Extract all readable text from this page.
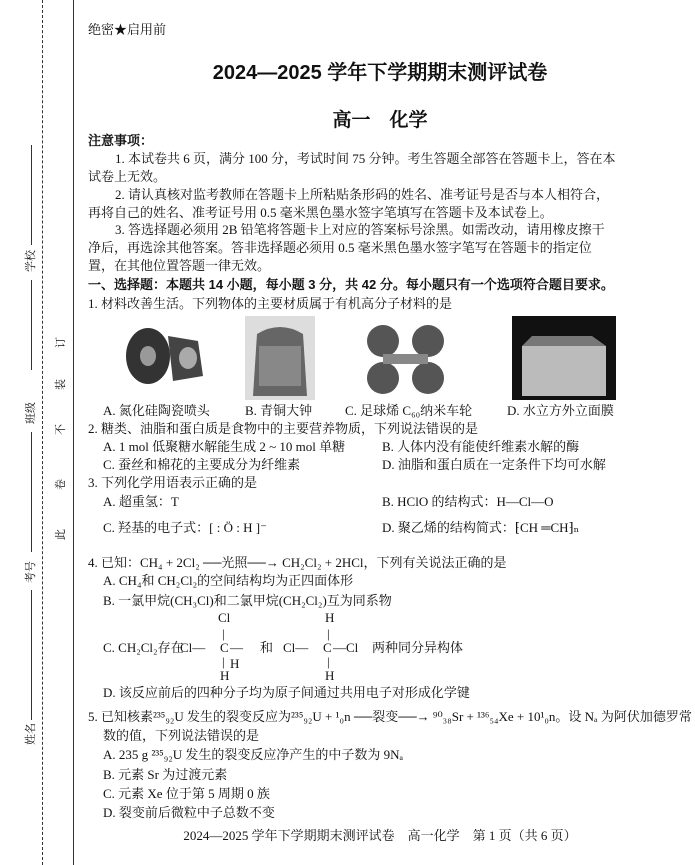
学校
班级
考号
姓名
此
卷
不
装
订
绝密★启用前
2024—2025 学年下学期期末测评试卷
高一　化学
注意事项：
1. 本试卷共 6 页，满分 100 分，考试时间 75 分钟。考生答题全部答在答题卡上，答在本
试卷上无效。
2. 请认真核对监考教师在答题卡上所粘贴条形码的姓名、准考证号是否与本人相符合，
再将自己的姓名、准考证号用 0.5 毫米黑色墨水签字笔填写在答题卡及本试卷上。
3. 答选择题必须用 2B 铅笔将答题卡上对应的答案标号涂黑。如需改动，请用橡皮擦干
净后，再选涂其他答案。答非选择题必须用 0.5 毫米黑色墨水签字笔写在答题卡的指定位
置，在其他位置答题一律无效。
一、选择题：本题共 14 小题，每小题 3 分，共 42 分。每小题只有一个选项符合题目要求。
1. 材料改善生活。下列物体的主要材质属于有机高分子材料的是
A. 氮化硅陶瓷喷头	B. 青铜大钟	C. 足球烯 C₆₀纳米车轮	D. 水立方外立面膜
2. 糖类、油脂和蛋白质是食物中的主要营养物质，下列说法错误的是
A. 1 mol 低聚糖水解能生成 2 ~ 10 mol 单糖	B. 人体内没有能使纤维素水解的酶
C. 蚕丝和棉花的主要成分为纤维素	D. 油脂和蛋白质在一定条件下均可水解
3. 下列化学用语表示正确的是
A. 超重氢：T	B. HClO 的结构式：H—Cl—O
C. 羟基的电子式：[ : Ö : H ]⁻	D. 聚乙烯的结构简式：⁅CH ═CH⁆ₙ
4. 已知：CH₄ + 2Cl₂ ──光照──→ CH₂Cl₂ + 2HCl，下列有关说法正确的是
A. CH₄和 CH₂Cl₂的空间结构均为正四面体形
B. 一氯甲烷(CH₃Cl)和二氯甲烷(CH₂Cl₂)互为同系物
C. CH₂Cl₂存在
Cl
|
Cl— C —H
|
H
和
H
|
Cl— C —Cl
|
H
两种同分异构体
D. 该反应前后的四种分子均为原子间通过共用电子对形成化学键
5. 已知核素²³⁵₉₂U 发生的裂变反应为²³⁵₉₂U + ¹₀n ──裂变──→ ⁹⁰₃₈Sr + ¹³⁶₅₄Xe + 10¹₀n。设 Nₐ 为阿伏加德罗常
数的值，下列说法错误的是
A. 235 g ²³⁵₉₂U 发生的裂变反应净产生的中子数为 9Nₐ
B. 元素 Sr 为过渡元素
C. 元素 Xe 位于第 5 周期 0 族
D. 裂变前后微粒中子总数不变
2024—2025 学年下学期期末测评试卷　高一化学　第 1 页（共 6 页）
